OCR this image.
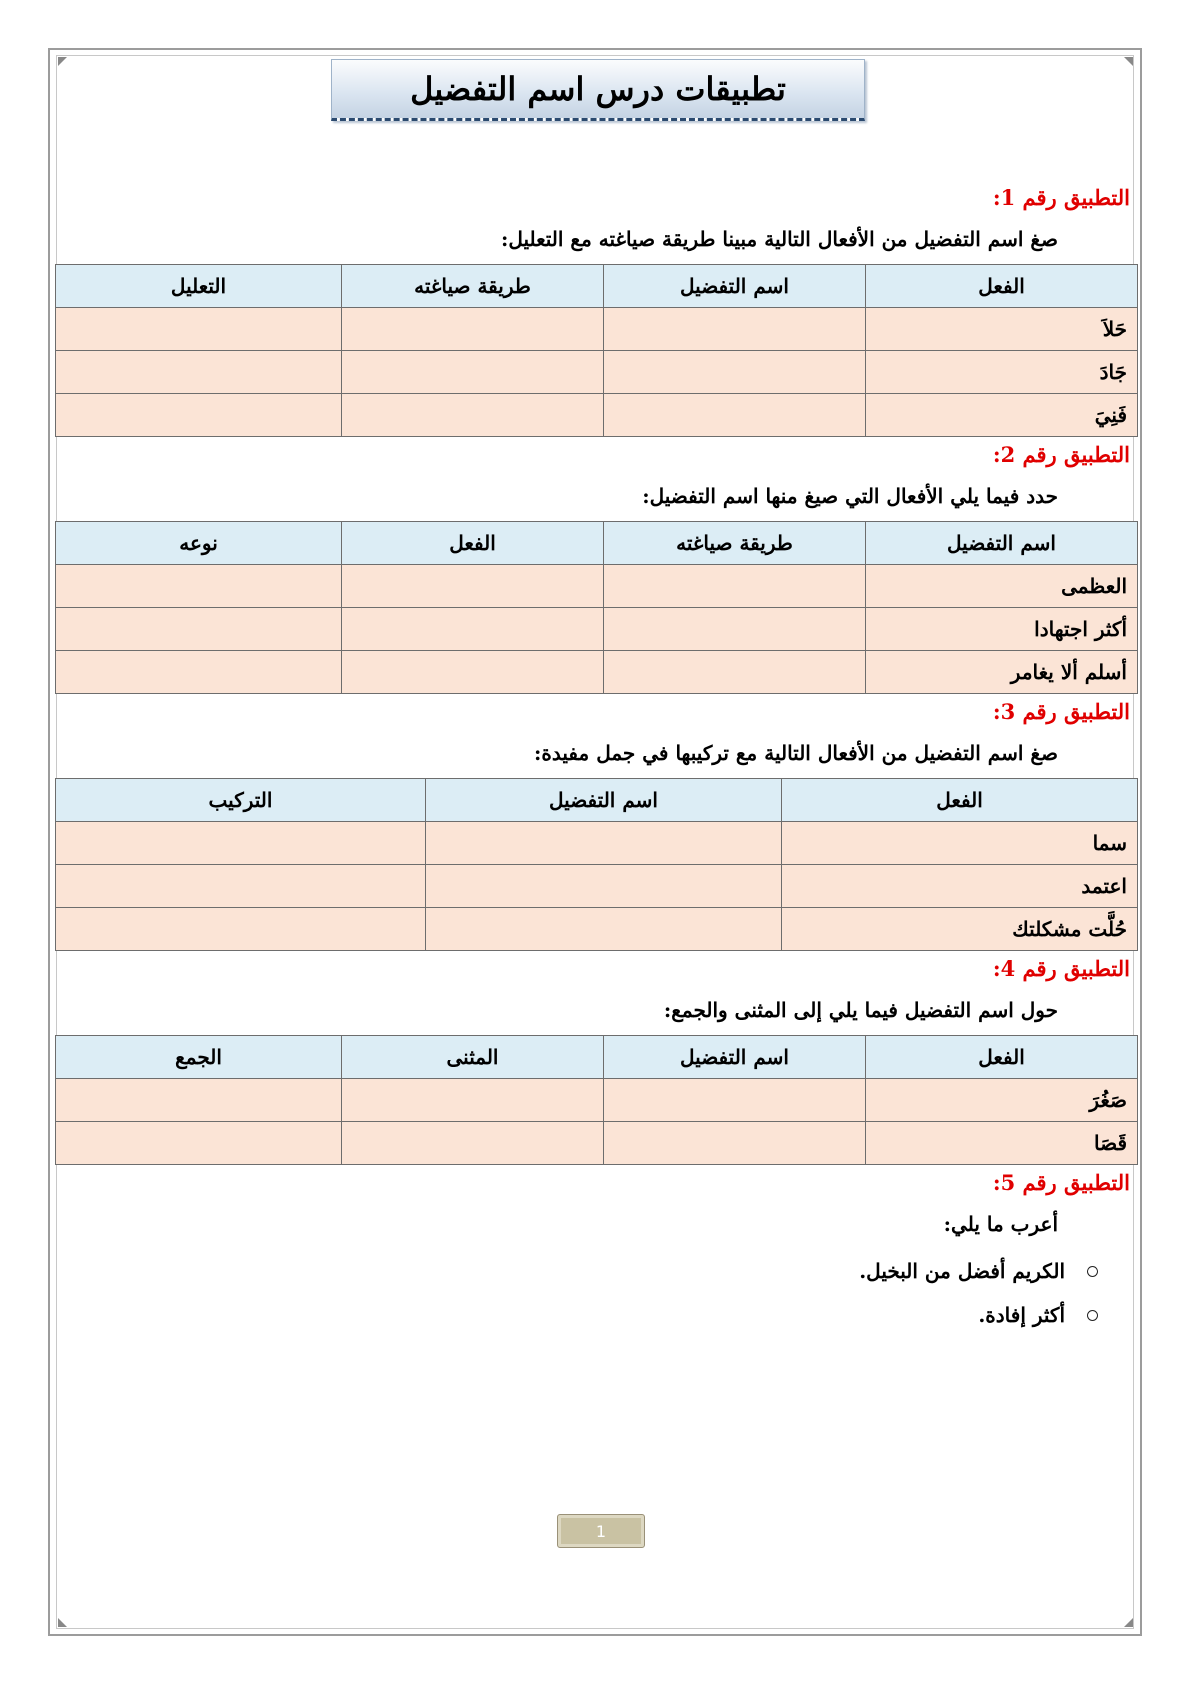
تطبيقات درس اسم التفضيل
التطبيق رقم 1:
صغ اسم التفضيل من الأفعال التالية مبينا طريقة صياغته مع التعليل:
الفعل	اسم التفضيل	طريقة صياغته	التعليل
حَلاَ			
جَادَ			
فَنِيَ			
التطبيق رقم 2:
حدد فيما يلي الأفعال التي صيغ منها اسم التفضيل:
اسم التفضيل	طريقة صياغته	الفعل	نوعه
العظمى			
أكثر اجتهادا			
أسلم ألا يغامر			
التطبيق رقم 3:
صغ اسم التفضيل من الأفعال التالية مع تركيبها في جمل مفيدة:
الفعل	اسم التفضيل	التركيب
سما		
اعتمد		
حُلَّت مشكلتك		
التطبيق رقم 4:
حول اسم التفضيل فيما يلي إلى المثنى والجمع:
الفعل	اسم التفضيل	المثنى	الجمع
صَغُرَ			
قَصَا			
التطبيق رقم 5:
أعرب ما يلي:
الكريم أفضل من البخيل.
أكثر إفادة.
1
